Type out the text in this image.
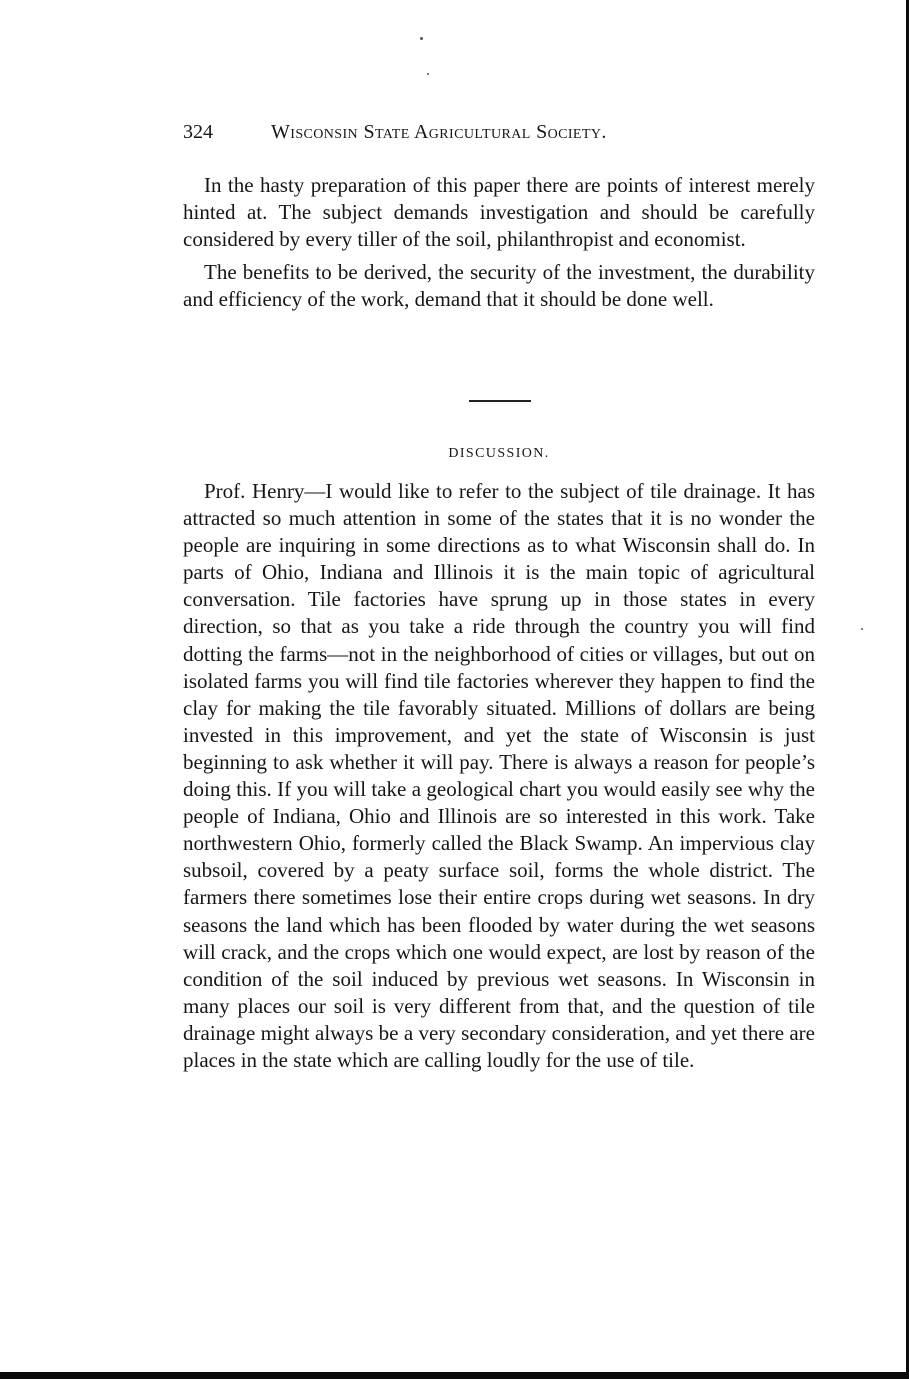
324	Wisconsin State Agricultural Society.

In the hasty preparation of this paper there are points of interest merely hinted at. The subject demands investigation and should be carefully considered by every tiller of the soil, philanthropist and economist.

The benefits to be derived, the security of the investment, the durability and efficiency of the work, demand that it should be done well.

DISCUSSION.

Prof. Henry—I would like to refer to the subject of tile drainage. It has attracted so much attention in some of the states that it is no wonder the people are inquiring in some directions as to what Wisconsin shall do. In parts of Ohio, Indiana and Illinois it is the main topic of agricultural conversation. Tile factories have sprung up in those states in every direction, so that as you take a ride through the country you will find dotting the farms—not in the neighborhood of cities or villages, but out on isolated farms you will find tile factories wherever they happen to find the clay for making the tile favorably situated. Millions of dollars are being invested in this improvement, and yet the state of Wisconsin is just beginning to ask whether it will pay. There is always a reason for people’s doing this. If you will take a geological chart you would easily see why the people of Indiana, Ohio and Illinois are so interested in this work. Take northwestern Ohio, formerly called the Black Swamp. An impervious clay subsoil, covered by a peaty surface soil, forms the whole district. The farmers there sometimes lose their entire crops during wet seasons. In dry seasons the land which has been flooded by water during the wet seasons will crack, and the crops which one would expect, are lost by reason of the condition of the soil induced by previous wet seasons. In Wisconsin in many places our soil is very different from that, and the question of tile drainage might always be a very secondary consideration, and yet there are places in the state which are calling loudly for the use of tile.
